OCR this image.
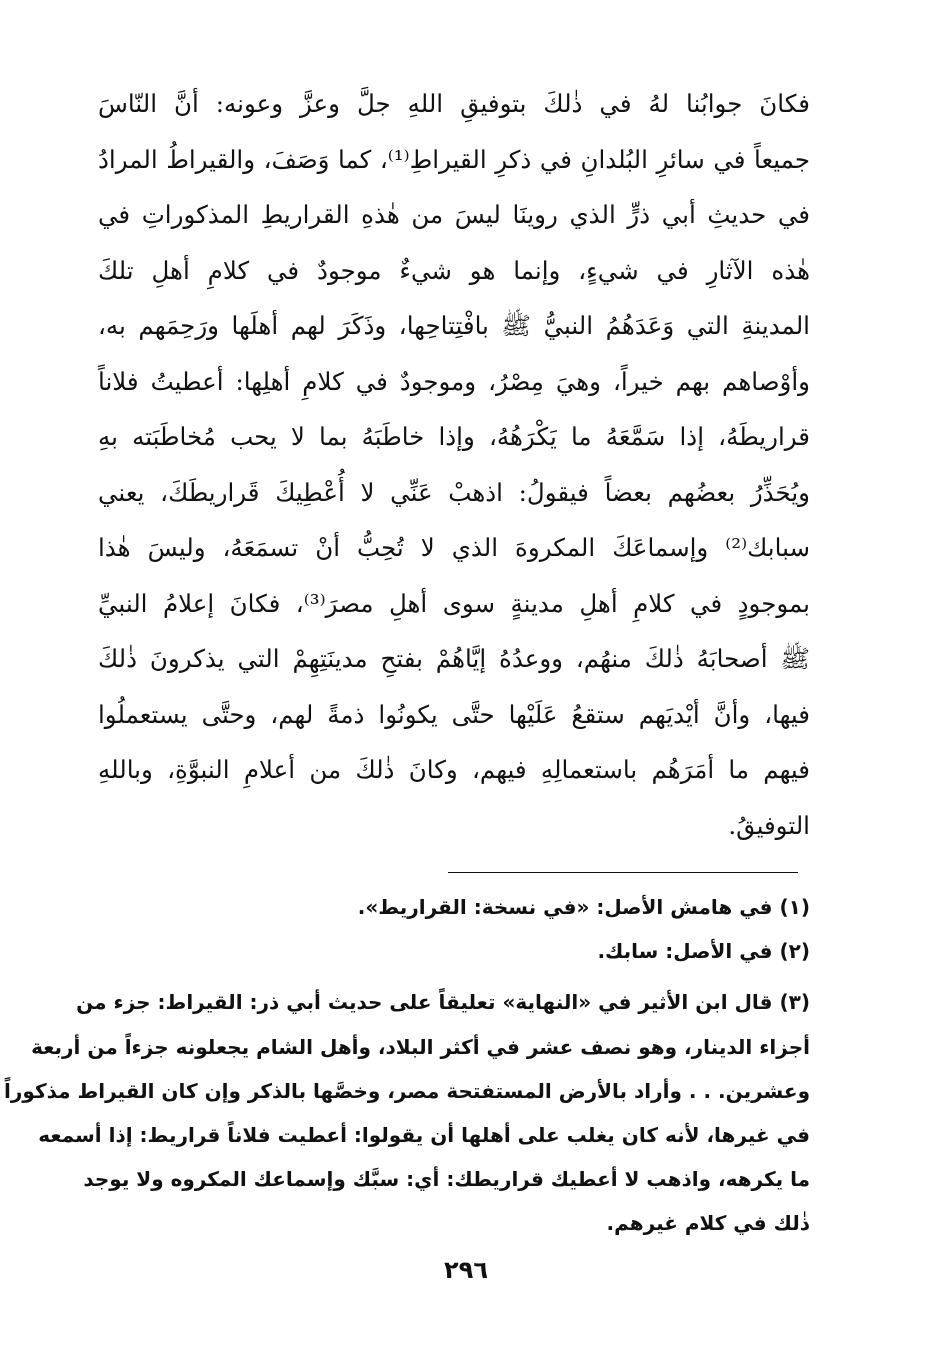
فكانَ جوابُنا لهُ في ذٰلكَ بتوفيقِ اللهِ جلَّ وعزَّ وعونه: أنَّ النّاسَ
جميعاً في سائرِ البُلدانِ في ذكرِ القيراطِ⁽¹⁾، كما وَصَفَ، والقيراطُ المرادُ
في حديثِ أبي ذرٍّ الذي روينَا ليسَ من هٰذهِ القراريطِ المذكوراتِ في
هٰذه الآثارِ في شيءٍ، وإنما هو شيءٌ موجودٌ في كلامِ أهلِ تلكَ
المدينةِ التي وَعَدَهُمُ النبيُّ ﷺ بافْتِتاحِها، وذَكَرَ لهم أهلَها ورَحِمَهم به،
وأوْصاهم بهم خيراً، وهيَ مِصْرُ، وموجودٌ في كلامِ أهلِها: أعطيتُ فلاناً
قراريطَهُ، إذا سَمَّعَهُ ما يَكْرَهُهُ، وإذا خاطَبَهُ بما لا يحب مُخاطَبَته بهِ
ويُحَذِّرُ بعضُهم بعضاً فيقولُ: اذهبْ عَنِّي لا أُعْطِيكَ قَراريطَكَ، يعني
سبابك⁽²⁾ وإسماعَكَ المكروهَ الذي لا تُحِبُّ أنْ تسمَعَهُ، وليسَ هٰذا
بموجودٍ في كلامِ أهلِ مدينةٍ سوى أهلِ مصرَ⁽³⁾، فكانَ إعلامُ النبيِّ
ﷺ أصحابَهُ ذٰلكَ منهُم، ووعدُهُ إيَّاهُمْ بفتحِ مدينَتِهِمْ التي يذكرونَ ذٰلكَ
فيها، وأنَّ أيْديَهم ستقعُ عَلَيْها حتَّى يكونُوا ذمةً لهم، وحتَّى يستعملُوا
فيهم ما أمَرَهُم باستعمالِهِ فيهم، وكانَ ذٰلكَ من أعلامِ النبوَّةِ، وباللهِ
التوفيقُ.
(١) في هامش الأصل: «في نسخة: القراريط».
(٢) في الأصل: سابك.
(٣) قال ابن الأثير في «النهاية» تعليقاً على حديث أبي ذر: القيراط: جزء من
أجزاء الدينار، وهو نصف عشر في أكثر البلاد، وأهل الشام يجعلونه جزءاً من أربعة
وعشرين. . . وأراد بالأرض المستفتحة مصر، وخصَّها بالذكر وإن كان القيراط مذكوراً
في غيرها، لأنه كان يغلب على أهلها أن يقولوا: أعطيت فلاناً قراريط: إذا أسمعه
ما يكرهه، واذهب لا أعطيك قراريطك: أي: سبَّك وإسماعك المكروه ولا يوجد
ذٰلك في كلام غيرهم.
٢٩٦
